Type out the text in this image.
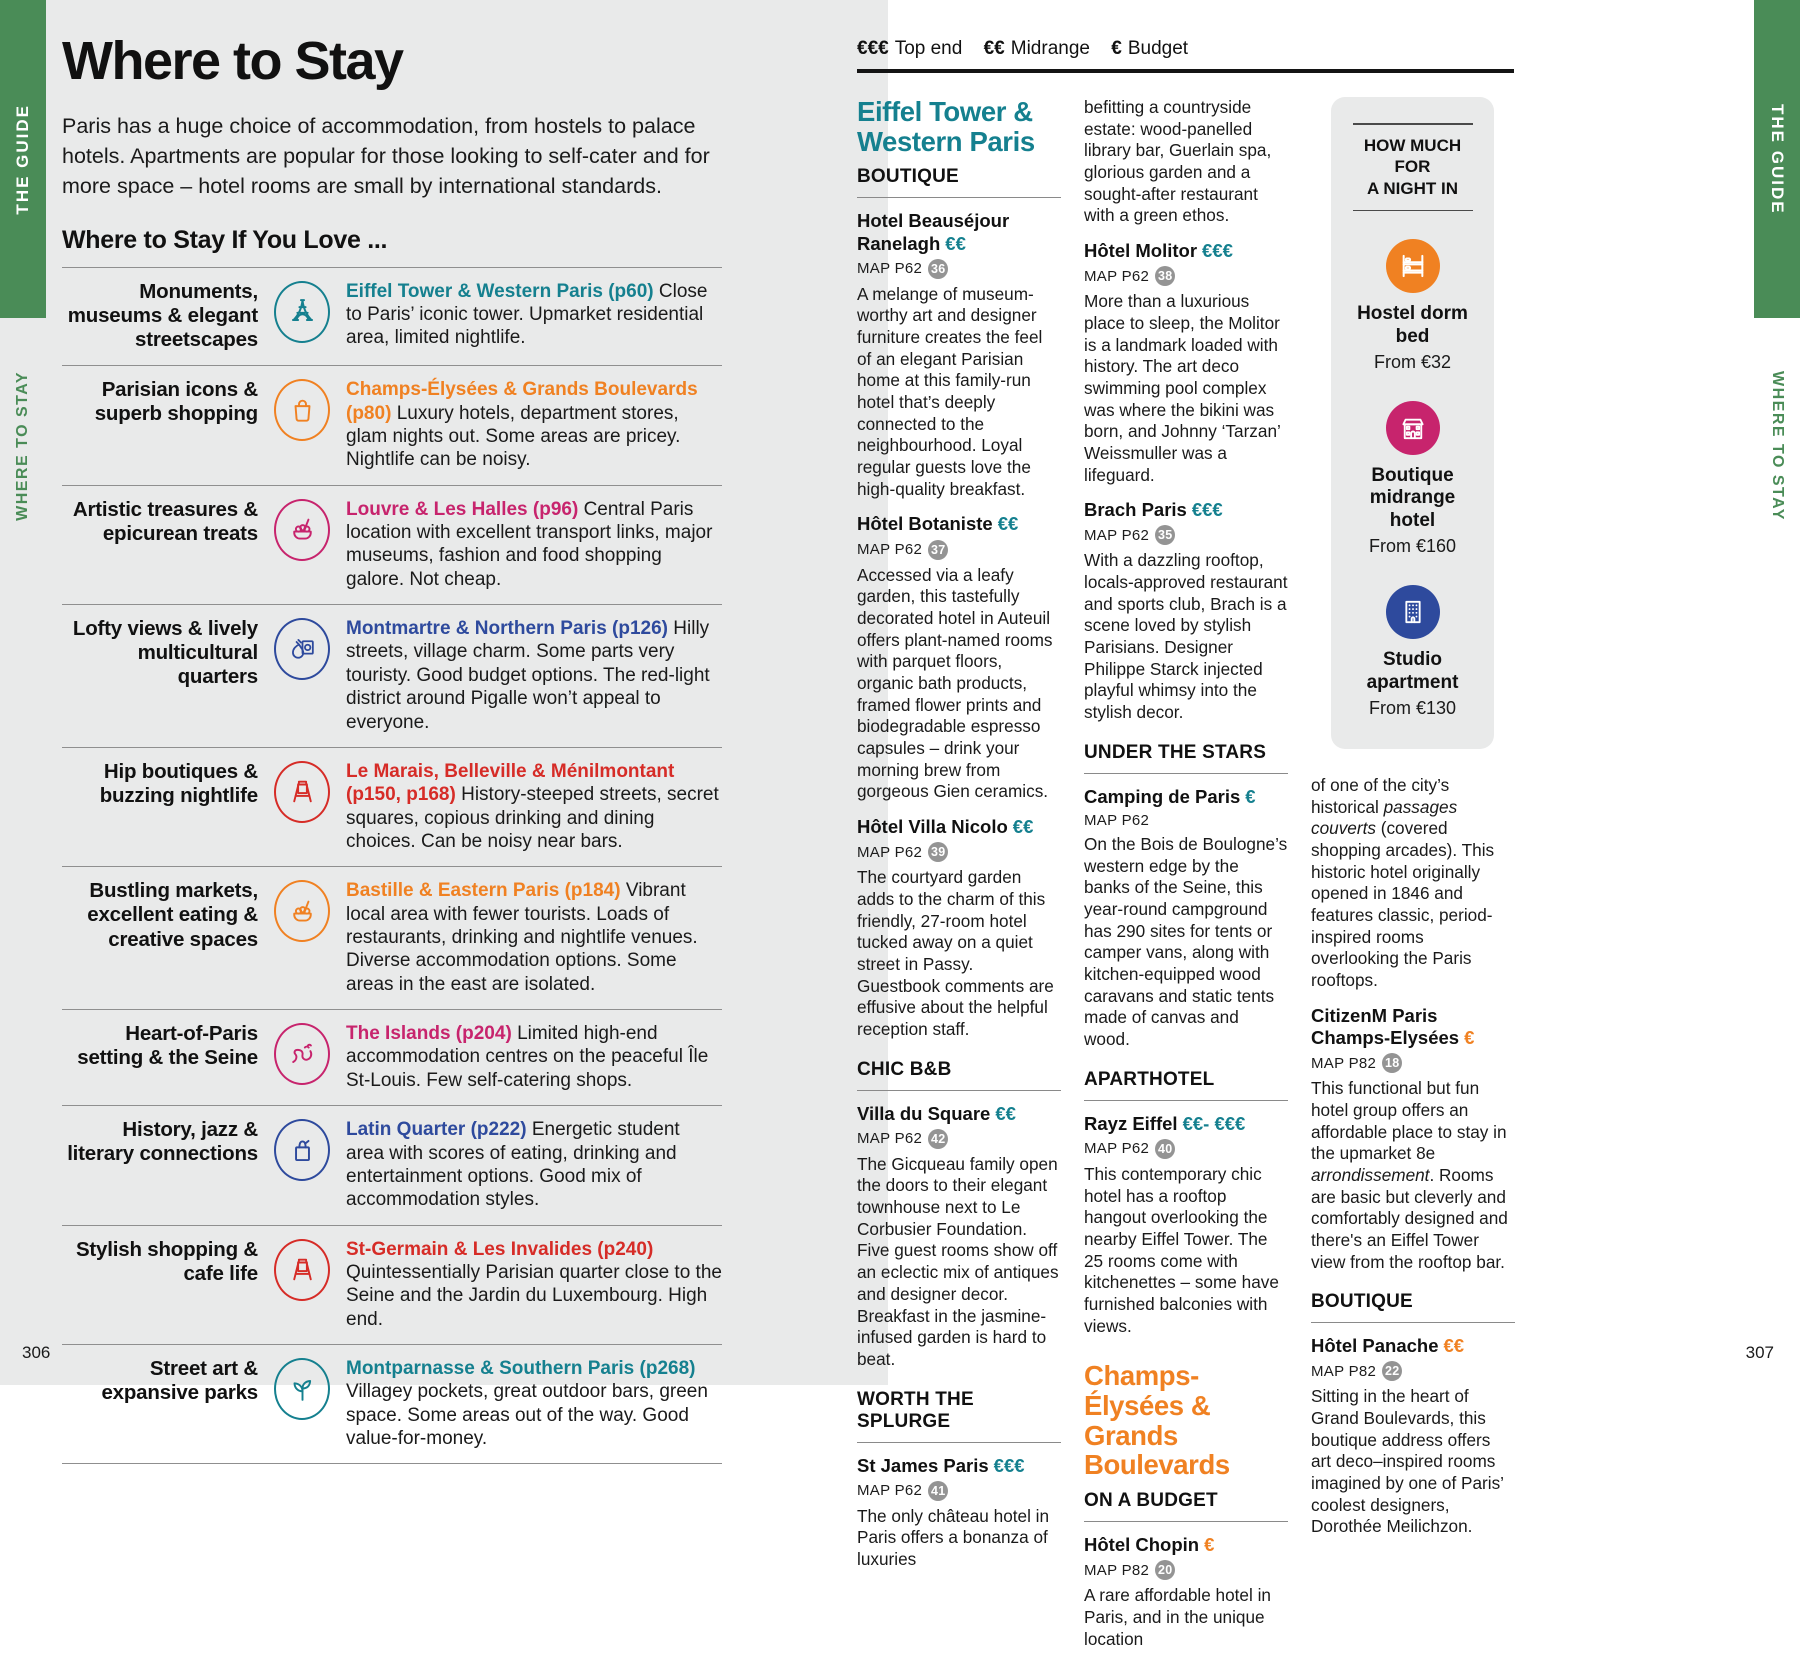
THE GUIDE
WHERE TO STAY
Where to Stay

Paris has a huge choice of accommodation, from hostels to palace hotels. Apartments are popular for those looking to self-cater and for more space – hotel rooms are small by international standards.

Where to Stay If You Love ...
Monuments, museums & elegant streetscapes
Eiffel Tower & Western Paris (p60) Close to Paris’ iconic tower. Upmarket residential area, limited nightlife.
Parisian icons & superb shopping
Champs-Élysées & Grands Boulevards (p80) Luxury hotels, department stores, glam nights out. Some areas are pricey. Nightlife can be noisy.
Artistic treasures & epicurean treats
Louvre & Les Halles (p96) Central Paris location with excellent transport links, major museums, fashion and food shopping galore. Not cheap.
Lofty views & lively multicultural quarters
Montmartre & Northern Paris (p126) Hilly streets, village charm. Some parts very touristy. Good budget options. The red-light district around Pigalle won’t appeal to everyone.
Hip boutiques & buzzing nightlife
Le Marais, Belleville & Ménilmontant (p150, p168) History-steeped streets, secret squares, copious drinking and dining choices. Can be noisy near bars.
Bustling markets, excellent eating & creative spaces
Bastille & Eastern Paris (p184) Vibrant local area with fewer tourists. Loads of restaurants, drinking and nightlife venues. Diverse accommodation options. Some areas in the east are isolated.
Heart-of-Paris setting & the Seine
The Islands (p204) Limited high-end accommodation centres on the peaceful Île St-Louis. Few self-catering shops.
History, jazz & literary connections
Latin Quarter (p222) Energetic student area with scores of eating, drinking and entertainment options. Good mix of accommodation styles.
Stylish shopping & cafe life
St-Germain & Les Invalides (p240) Quintessentially Parisian quarter close to the Seine and the Jardin du Luxembourg. High end.
Street art & expansive parks
Montparnasse & Southern Paris (p268) Villagey pockets, great outdoor bars, green space. Some areas out of the way. Good value-for-money.
306
€€€ Top end €€ Midrange € Budget
Eiffel Tower & Western Paris
BOUTIQUE
Hotel Beauséjour Ranelagh €€
MAP P62 36

A melange of museum-worthy art and designer furniture creates the feel of an elegant Parisian home at this family-run hotel that’s deeply connected to the neighbourhood. Loyal regular guests love the high-quality breakfast.

Hôtel Botaniste €€
MAP P62 37

Accessed via a leafy garden, this tastefully decorated hotel in Auteuil offers plant-named rooms with parquet floors, organic bath products, framed flower prints and biodegradable espresso capsules – drink your morning brew from gorgeous Gien ceramics.

Hôtel Villa Nicolo €€
MAP P62 39

The courtyard garden adds to the charm of this friendly, 27-room hotel tucked away on a quiet street in Passy. Guestbook comments are effusive about the helpful reception staff.

CHIC B&B
Villa du Square €€
MAP P62 42

The Gicqueau family open the doors to their elegant townhouse next to Le Corbusier Foundation. Five guest rooms show off an eclectic mix of antiques and designer decor. Breakfast in the jasmine-infused garden is hard to beat.

WORTH THE SPLURGE
St James Paris €€€
MAP P62 41

The only château hotel in Paris offers a bonanza of luxuries

befitting a countryside estate: wood-panelled library bar, Guerlain spa, glorious garden and a sought-after restaurant with a green ethos.

Hôtel Molitor €€€
MAP P62 38

More than a luxurious place to sleep, the Molitor is a landmark loaded with history. The art deco swimming pool complex was where the bikini was born, and Johnny ‘Tarzan’ Weissmuller was a lifeguard.

Brach Paris €€€
MAP P62 35

With a dazzling rooftop, locals-approved restaurant and sports club, Brach is a scene loved by stylish Parisians. Designer Philippe Starck injected playful whimsy into the stylish decor.

UNDER THE STARS
Camping de Paris €
MAP P62

On the Bois de Boulogne’s western edge by the banks of the Seine, this year-round campground has 290 sites for tents or camper vans, along with kitchen-equipped wood caravans and static tents made of canvas and wood.

APARTHOTEL
Rayz Eiffel €€- €€€
MAP P62 40

This contemporary chic hotel has a rooftop hangout overlooking the nearby Eiffel Tower. The 25 rooms come with kitchenettes – some have furnished balconies with views.

Champs-Élysées & Grands Boulevards
ON A BUDGET
Hôtel Chopin €
MAP P82 20

A rare affordable hotel in Paris, and in the unique location

HOW MUCH FOR
A NIGHT IN
Hostel dorm bed
From €32
Boutique midrange hotel
From €160
Studio apartment
From €130

of one of the city’s historical passages couverts (covered shopping arcades). This historic hotel originally opened in 1846 and features classic, period-inspired rooms overlooking the Paris rooftops.

CitizenM Paris Champs-Elysées €
MAP P82 18

This functional but fun hotel group offers an affordable place to stay in the upmarket 8e arrondissement. Rooms are basic but cleverly and comfortably designed and there's an Eiffel Tower view from the rooftop bar.

BOUTIQUE
Hôtel Panache €€
MAP P82 22

Sitting in the heart of Grand Boulevards, this boutique address offers art deco–inspired rooms imagined by one of Paris’ coolest designers, Dorothée Meilichzon.

THE GUIDE
WHERE TO STAY
307
